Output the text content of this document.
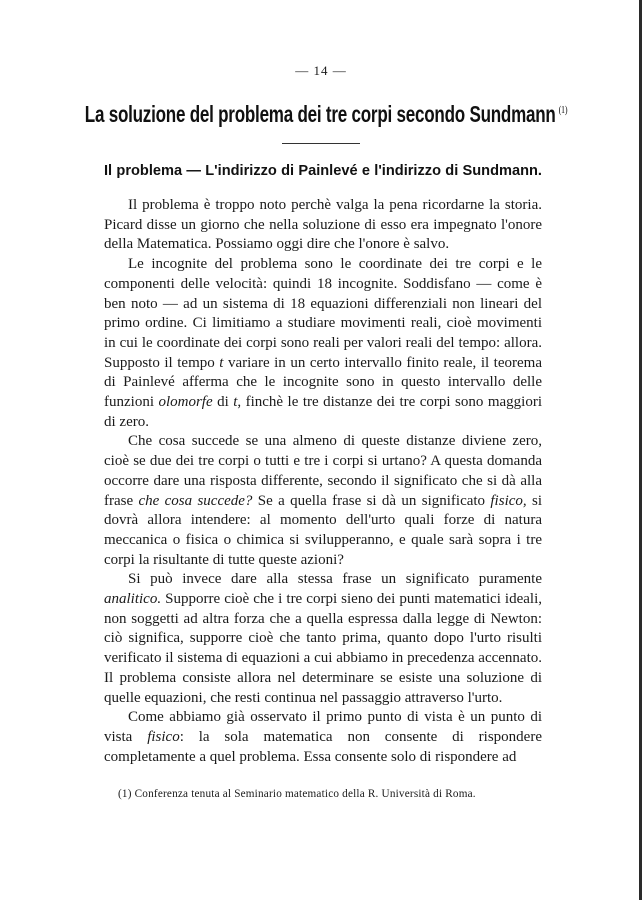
— 14 —
La soluzione del problema dei tre corpi secondo Sundmann $^{(1)}$
Il problema — L'indirizzo di Painlevé e l'indirizzo di Sundmann.

Il problema è troppo noto perchè valga la pena ricordarne la storia. Picard disse un giorno che nella soluzione di esso era impegnato l'onore della Matematica. Possiamo oggi dire che l'onore è salvo.

Le incognite del problema sono le coordinate dei tre corpi e le componenti delle velocità: quindi 18 incognite. Soddisfano — come è ben noto — ad un sistema di 18 equazioni differenziali non lineari del primo ordine. Ci limitiamo a studiare movimenti reali, cioè movimenti in cui le coordinate dei corpi sono reali per valori reali del tempo: allora. Supposto il tempo t variare in un certo intervallo finito reale, il teorema di Painlevé afferma che le incognite sono in questo intervallo delle funzioni olomorfe di t, finchè le tre distanze dei tre corpi sono maggiori di zero.

Che cosa succede se una almeno di queste distanze diviene zero, cioè se due dei tre corpi o tutti e tre i corpi si urtano? A questa domanda occorre dare una risposta differente, secondo il significato che si dà alla frase che cosa succede? Se a quella frase si dà un significato fisico, si dovrà allora intendere: al momento dell'urto quali forze di natura meccanica o fisica o chimica si svilupperanno, e quale sarà sopra i tre corpi la risultante di tutte queste azioni?

Si può invece dare alla stessa frase un significato puramente analitico. Supporre cioè che i tre corpi sieno dei punti matematici ideali, non soggetti ad altra forza che a quella espressa dalla legge di Newton: ciò significa, supporre cioè che tanto prima, quanto dopo l'urto risulti verificato il sistema di equazioni a cui abbiamo in precedenza accennato. Il problema consiste allora nel determinare se esiste una soluzione di quelle equazioni, che resti continua nel passaggio attraverso l'urto.

Come abbiamo già osservato il primo punto di vista è un punto di vista fisico: la sola matematica non consente di rispondere completamente a quel problema. Essa consente solo di rispondere ad

(1) Conferenza tenuta al Seminario matematico della R. Università di Roma.
